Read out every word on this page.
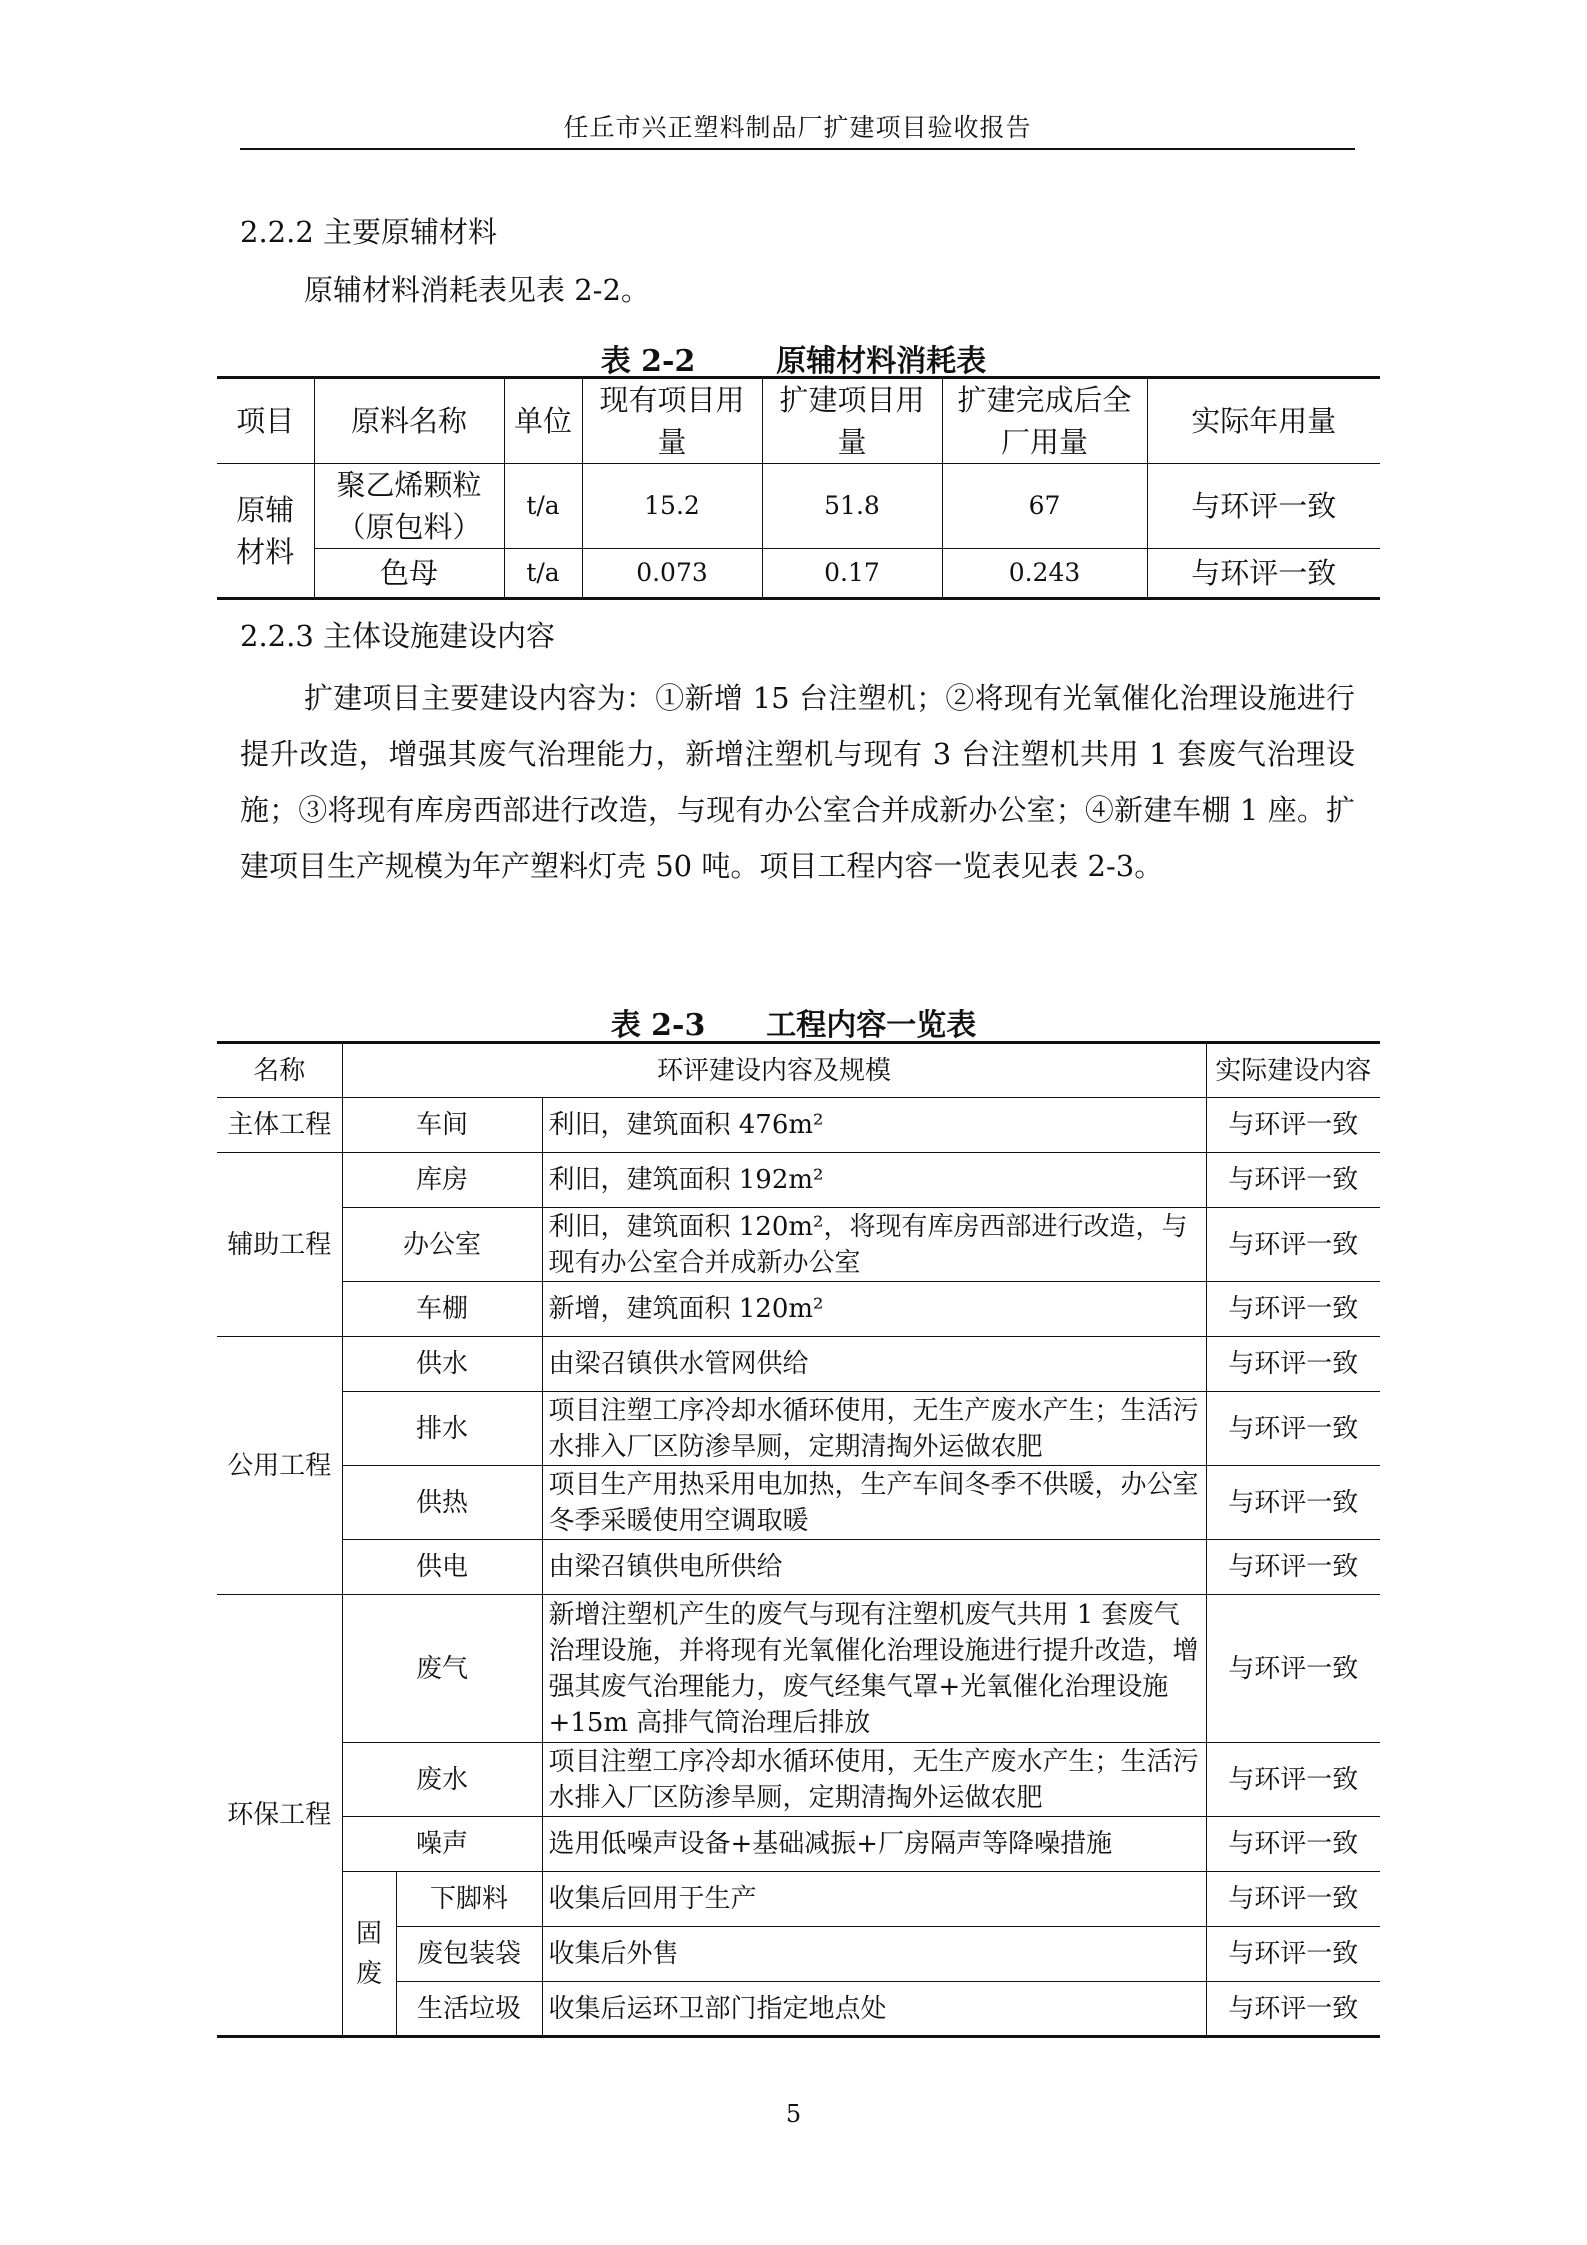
任丘市兴正塑料制品厂扩建项目验收报告
2.2.2 主要原辅材料
原辅材料消耗表见表 2-2。
表 2-2	原辅材料消耗表
项目	原料名称	单位	现有项目用量	扩建项目用量	扩建完成后全厂用量	实际年用量
原辅材料	聚乙烯颗粒（原包料）	t/a	15.2	51.8	67	与环评一致
	色母	t/a	0.073	0.17	0.243	与环评一致
2.2.3 主体设施建设内容
扩建项目主要建设内容为：①新增 15 台注塑机；②将现有光氧催化治理设施进行提升改造，增强其废气治理能力，新增注塑机与现有 3 台注塑机共用 1 套废气治理设施；③将现有库房西部进行改造，与现有办公室合并成新办公室；④新建车棚 1 座。扩建项目生产规模为年产塑料灯壳 50 吨。项目工程内容一览表见表 2-3。
表 2-3 工程内容一览表
名称	环评建设内容及规模			实际建设内容
主体工程	车间		利旧，建筑面积 476m²	与环评一致
辅助工程	库房		利旧，建筑面积 192m²	与环评一致
	办公室		利旧，建筑面积 120m²，将现有库房西部进行改造，与现有办公室合并成新办公室	与环评一致
	车棚		新增，建筑面积 120m²	与环评一致
公用工程	供水		由梁召镇供水管网供给	与环评一致
	排水		项目注塑工序冷却水循环使用，无生产废水产生；生活污水排入厂区防渗旱厕，定期清掏外运做农肥	与环评一致
	供热		项目生产用热采用电加热，生产车间冬季不供暖，办公室冬季采暖使用空调取暖	与环评一致
	供电		由梁召镇供电所供给	与环评一致
环保工程	废气		新增注塑机产生的废气与现有注塑机废气共用 1 套废气治理设施，并将现有光氧催化治理设施进行提升改造，增强其废气治理能力，废气经集气罩+光氧催化治理设施+15m 高排气筒治理后排放	与环评一致
	废水		项目注塑工序冷却水循环使用，无生产废水产生；生活污水排入厂区防渗旱厕，定期清掏外运做农肥	与环评一致
	噪声		选用低噪声设备+基础减振+厂房隔声等降噪措施	与环评一致
	固废	下脚料	收集后回用于生产	与环评一致
		废包装袋	收集后外售	与环评一致
		生活垃圾	收集后运环卫部门指定地点处	与环评一致
5
